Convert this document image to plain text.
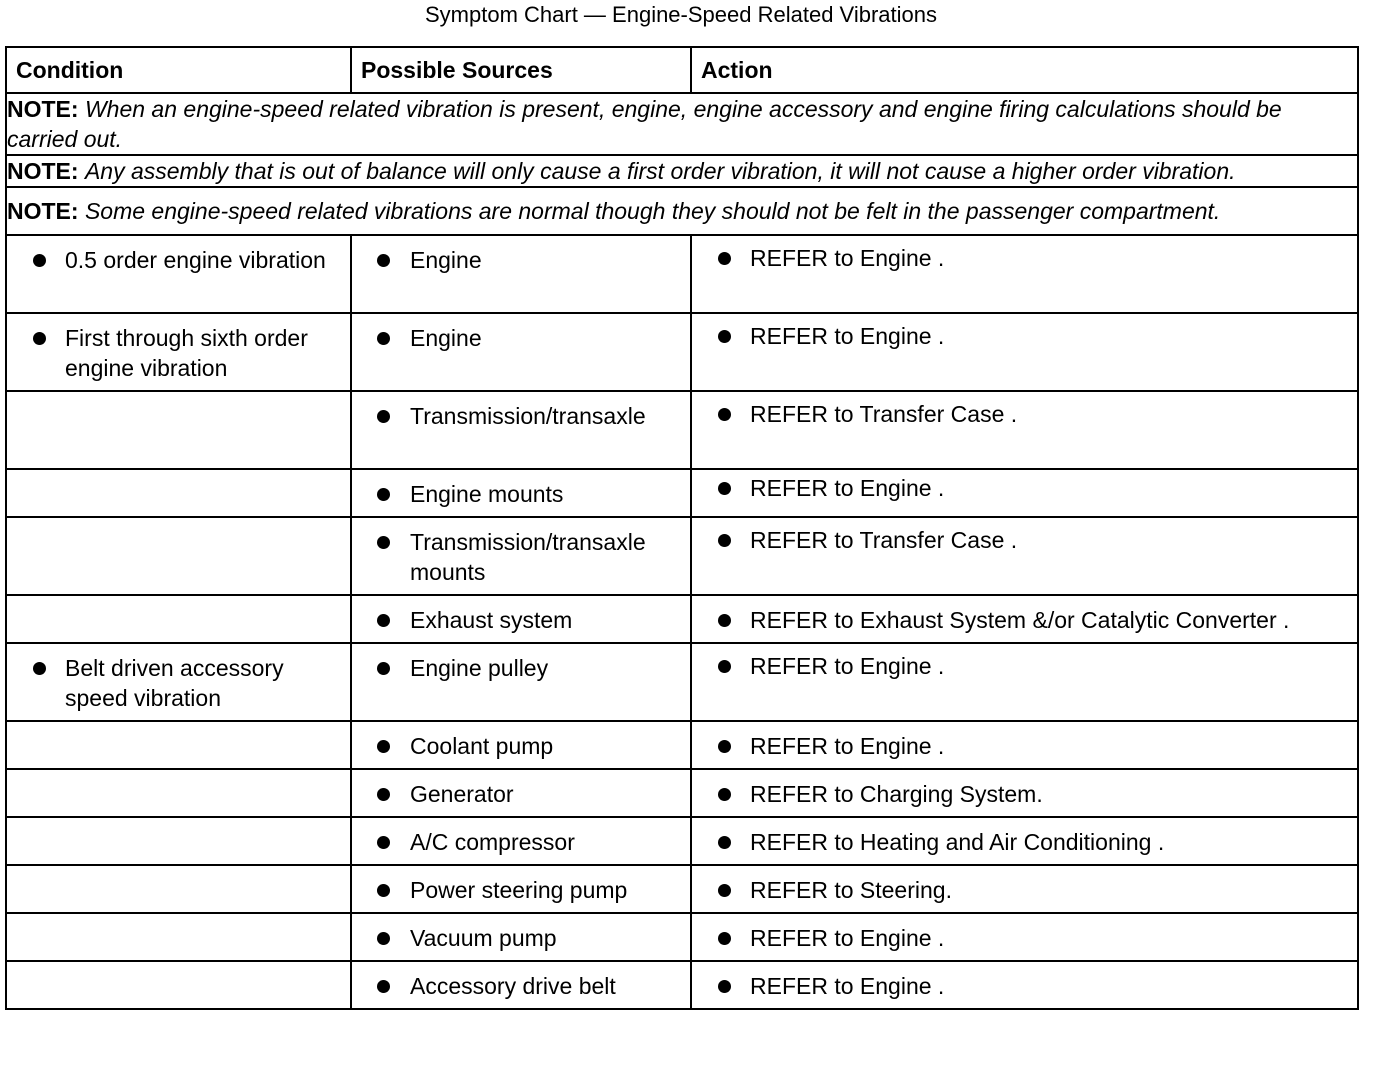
Symptom Chart — Engine-Speed Related Vibrations
Condition	Possible Sources	Action
NOTE: When an engine-speed related vibration is present, engine, engine accessory and engine firing calculations should be carried out.		
NOTE: Any assembly that is out of balance will only cause a first order vibration, it will not cause a higher order vibration.		
NOTE: Some engine-speed related vibrations are normal though they should not be felt in the passenger compartment.		

0.5 order engine vibration	Engine	REFER to Engine .

First through sixth order engine vibration	Engine	REFER to Engine .

	Transmission/transaxle	REFER to Transfer Case .

	Engine mounts	REFER to Engine .

	Transmission/transaxle mounts	REFER to Transfer Case .

	Exhaust system	REFER to Exhaust System &/or Catalytic Converter .

Belt driven accessory speed vibration	Engine pulley	REFER to Engine .

	Coolant pump	REFER to Engine .

	Generator	REFER to Charging System.

	A/C compressor	REFER to Heating and Air Conditioning .

	Power steering pump	REFER to Steering.

	Vacuum pump	REFER to Engine .

	Accessory drive belt	REFER to Engine .
